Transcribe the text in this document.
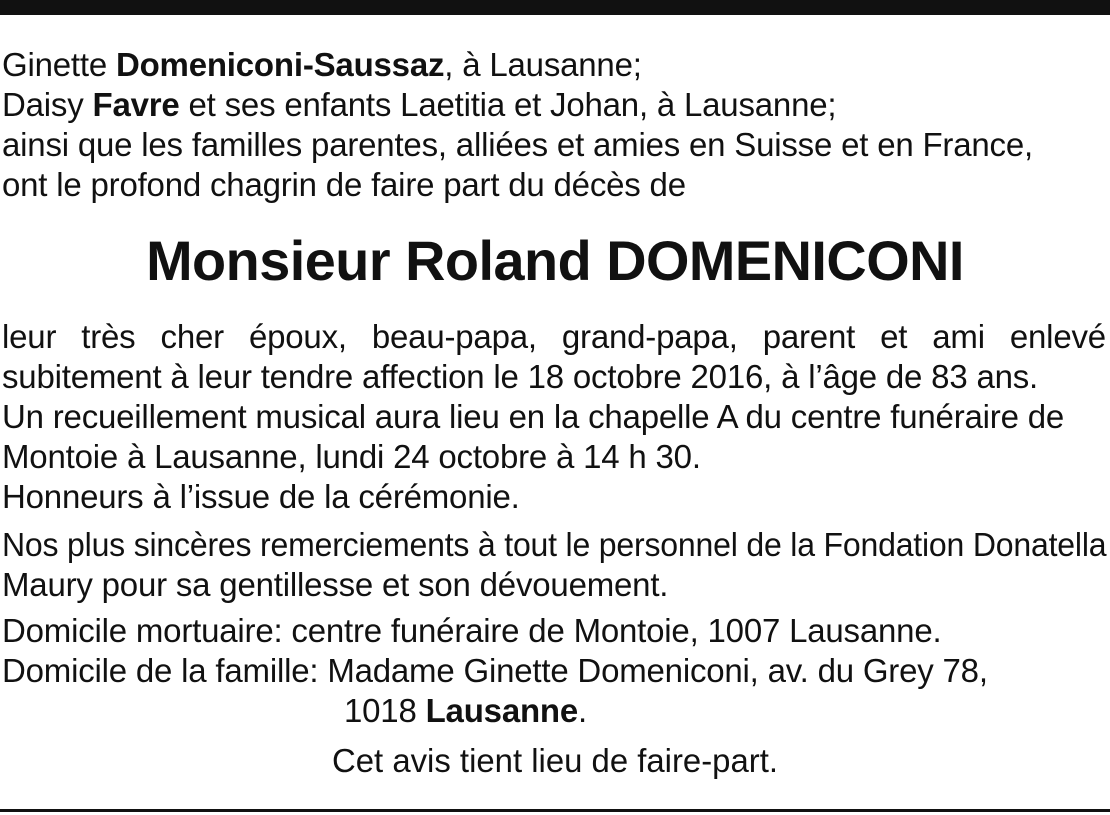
Ginette Domeniconi-Saussaz, à Lausanne;
Daisy Favre et ses enfants Laetitia et Johan, à Lausanne;
ainsi que les familles parentes, alliées et amies en Suisse et en France,
ont le profond chagrin de faire part du décès de
Monsieur Roland DOMENICONI
leur très cher époux, beau-papa, grand-papa, parent et ami enlevé
subitement à leur tendre affection le 18 octobre 2016, à l’âge de 83 ans.
Un recueillement musical aura lieu en la chapelle A du centre funéraire de
Montoie à Lausanne, lundi 24 octobre à 14 h 30.
Honneurs à l’issue de la cérémonie.
Nos plus sincères remerciements à tout le personnel de la Fondation Donatella
Maury pour sa gentillesse et son dévouement.
Domicile mortuaire: centre funéraire de Montoie, 1007 Lausanne.
Domicile de la famille: Madame Ginette Domeniconi, av. du Grey 78,
1018 Lausanne.
Cet avis tient lieu de faire-part.
